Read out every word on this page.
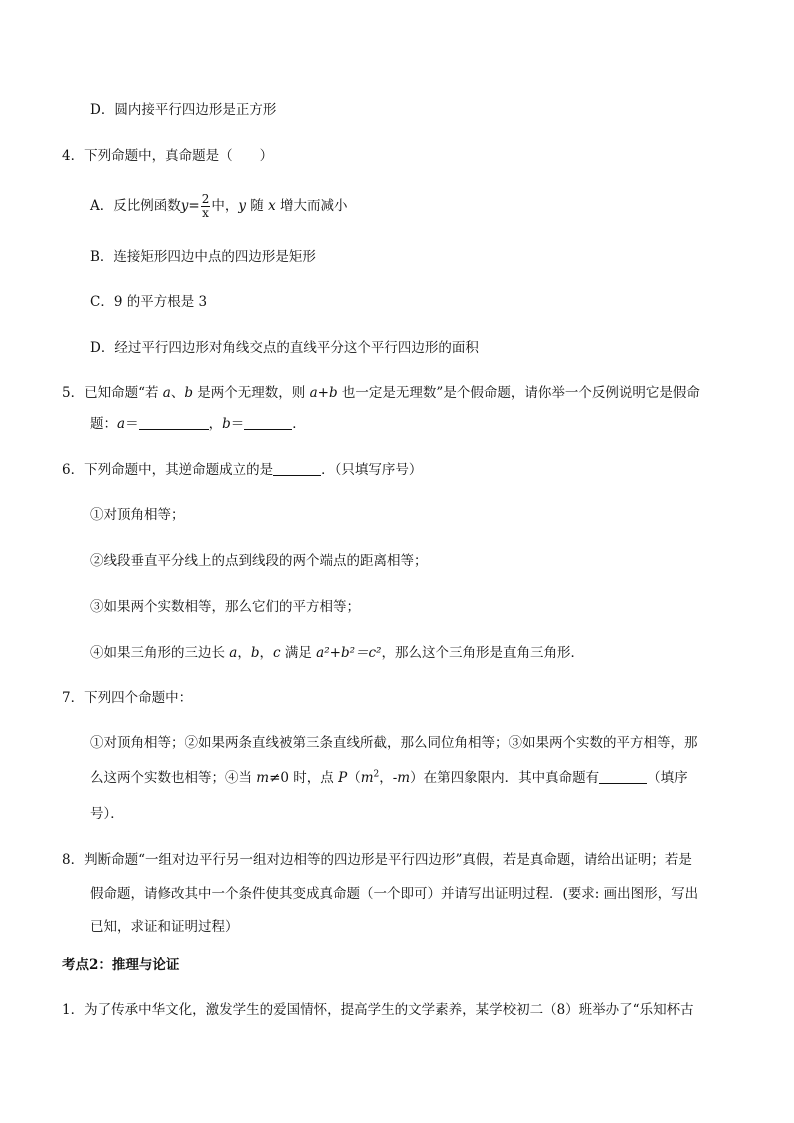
D．圆内接平行四边形是正方形
4．下列命题中，真命题是（　　）
A．反比例函数$y= \frac{2}{x}$ 中，y 随 x 增大而减小
B．连接矩形四边中点的四边形是矩形
C．9 的平方根是 3
D．经过平行四边形对角线交点的直线平分这个平行四边形的面积
5．已知命题“若 a、b 是两个无理数，则 a+b 也一定是无理数”是个假命题，请你举一个反例说明它是假命
题：a＝	，b＝	．
6．下列命题中，其逆命题成立的是	．（只填写序号）
①对顶角相等；
②线段垂直平分线上的点到线段的两个端点的距离相等；
③如果两个实数相等，那么它们的平方相等；
④如果三角形的三边长 a，b，c 满足 a²+b²＝c²，那么这个三角形是直角三角形．
7．下列四个命题中：
①对顶角相等；②如果两条直线被第三条直线所截，那么同位角相等；③如果两个实数的平方相等，那
么这两个实数也相等；④当 m≠0 时，点 $P(m^2$，-m）在第四象限内．其中真命题有	（填序
号）．
8．判断命题“一组对边平行另一组对边相等的四边形是平行四边形”真假，若是真命题，请给出证明；若是
假命题，请修改其中一个条件使其变成真命题（一个即可）并请写出证明过程．(要求: 画出图形，写出
已知，求证和证明过程）
考点2：推理与论证
1．为了传承中华文化，激发学生的爱国情怀，提高学生的文学素养，某学校初二（8）班举办了“乐知杯古
